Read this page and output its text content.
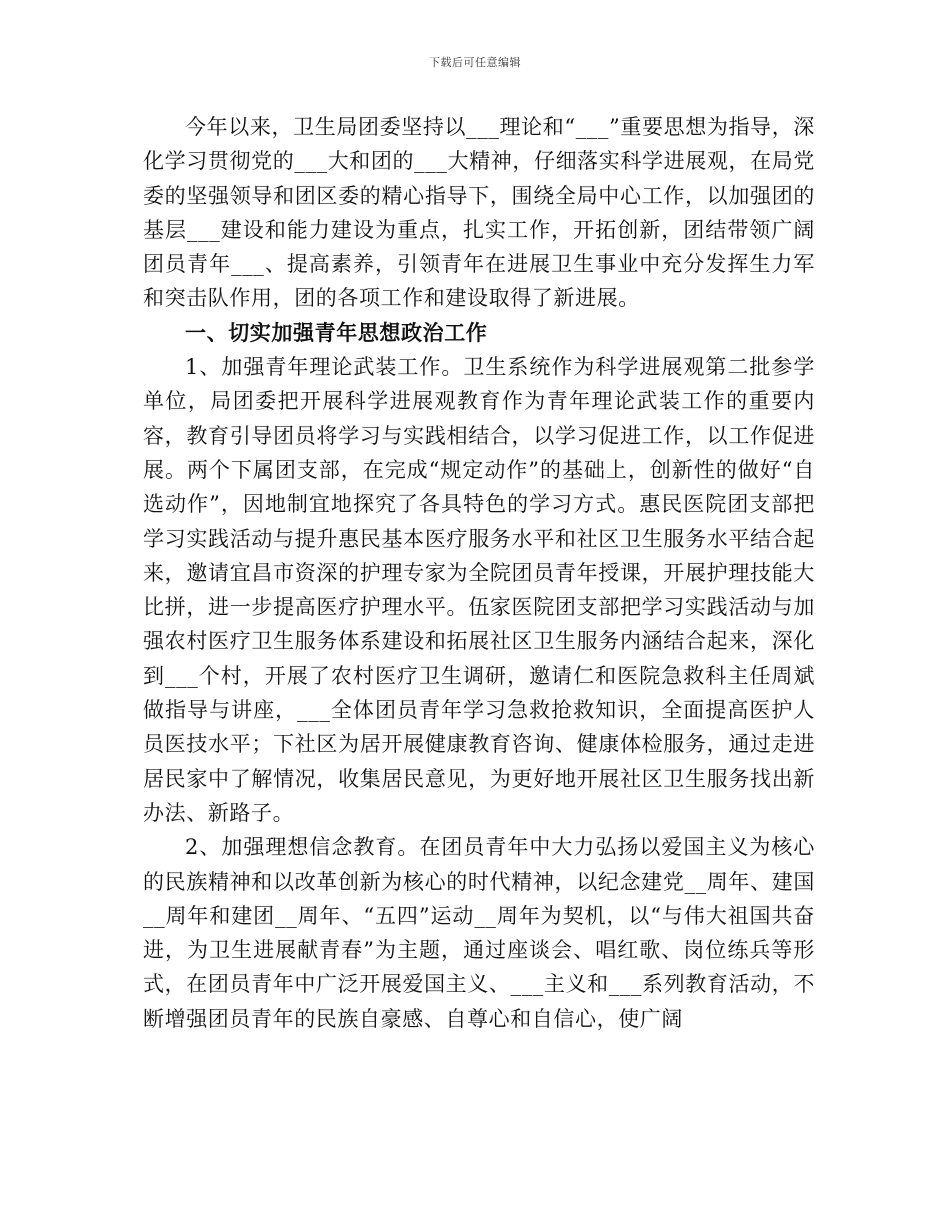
下载后可任意编辑

今年以来，卫生局团委坚持以___理论和“___”重要思想为指导，深化学习贯彻党的___大和团的___大精神，仔细落实科学进展观，在局党委的坚强领导和团区委的精心指导下，围绕全局中心工作，以加强团的基层___建设和能力建设为重点，扎实工作，开拓创新，团结带领广阔团员青年___、提高素养，引领青年在进展卫生事业中充分发挥生力军和突击队作用，团的各项工作和建设取得了新进展。

一、切实加强青年思想政治工作

1、加强青年理论武装工作。卫生系统作为科学进展观第二批参学单位，局团委把开展科学进展观教育作为青年理论武装工作的重要内容，教育引导团员将学习与实践相结合，以学习促进工作，以工作促进展。两个下属团支部，在完成“规定动作”的基础上，创新性的做好“自选动作”，因地制宜地探究了各具特色的学习方式。惠民医院团支部把学习实践活动与提升惠民基本医疗服务水平和社区卫生服务水平结合起来，邀请宜昌市资深的护理专家为全院团员青年授课，开展护理技能大比拼，进一步提高医疗护理水平。伍家医院团支部把学习实践活动与加强农村医疗卫生服务体系建设和拓展社区卫生服务内涵结合起来，深化到___个村，开展了农村医疗卫生调研，邀请仁和医院急救科主任周斌做指导与讲座，___全体团员青年学习急救抢救知识，全面提高医护人员医技水平；下社区为居开展健康教育咨询、健康体检服务，通过走进居民家中了解情况，收集居民意见，为更好地开展社区卫生服务找出新办法、新路子。

2、加强理想信念教育。在团员青年中大力弘扬以爱国主义为核心的民族精神和以改革创新为核心的时代精神，以纪念建党__周年、建国__周年和建团__周年、“五四”运动__周年为契机，以“与伟大祖国共奋进，为卫生进展献青春”为主题，通过座谈会、唱红歌、岗位练兵等形式，在团员青年中广泛开展爱国主义、___主义和___系列教育活动，不断增强团员青年的民族自豪感、自尊心和自信心，使广阔
